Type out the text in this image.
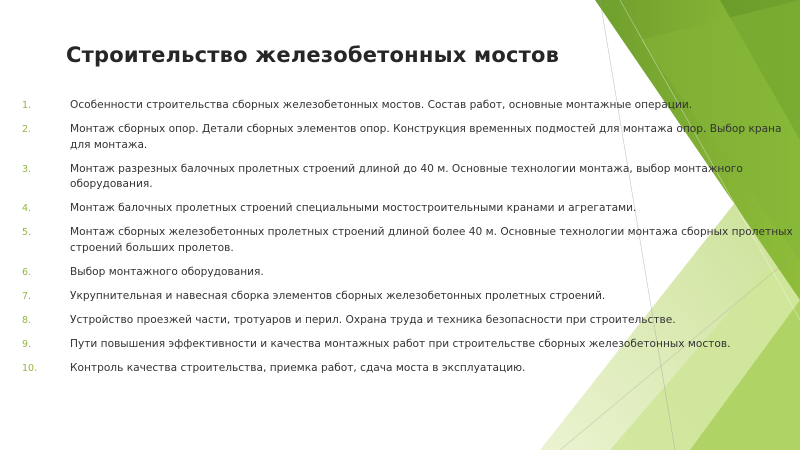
Строительство железобетонных мостов
1.	Особенности строительства сборных железобетонных мостов. Состав работ, основные монтажные операции.
2.	Монтаж сборных опор. Детали сборных элементов опор. Конструкция временных подмостей для монтажа опор. Выбор крана для монтажа.
3.	Монтаж разрезных балочных пролетных строений длиной до 40 м. Основные технологии монтажа, выбор монтажного оборудования.
4.	Монтаж балочных пролетных строений специальными мостостроительными кранами и агрегатами.
5.	Монтаж сборных железобетонных пролетных строений длиной более 40 м. Основные технологии монтажа сборных пролетных строений больших пролетов.
6.	Выбор монтажного оборудования.
7.	Укрупнительная и навесная сборка элементов сборных железобетонных пролетных строений.
8.	Устройство проезжей части, тротуаров и перил. Охрана труда и техника безопасности при строительстве.
9.	Пути повышения эффективности и качества монтажных работ при строительстве сборных железобетонных мостов.
10.	Контроль качества строительства, приемка работ, сдача моста в эксплуатацию.
